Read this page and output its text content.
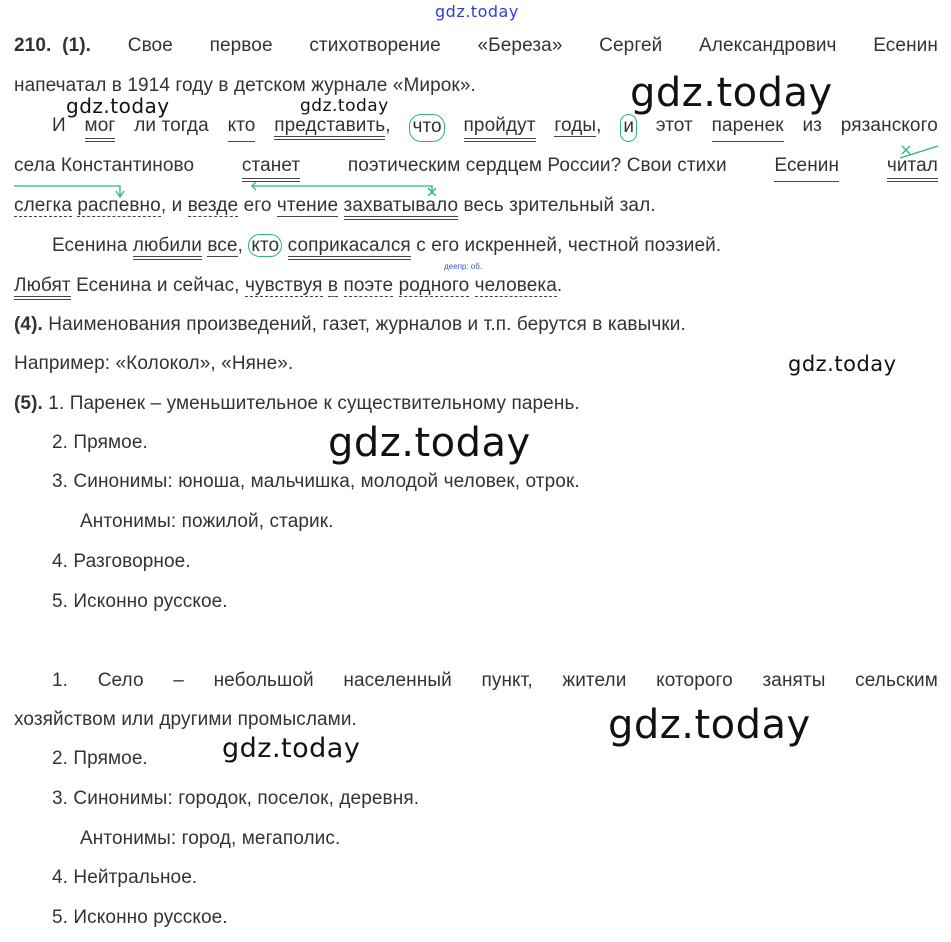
gdz.today
210. (1). Свое первое стихотворение «Береза» Сергей Александрович Есенин
напечатал в 1914 году в детском журнале «Мирок».
И мог ли тогда кто представить, что пройдут годы, и этот паренек из рязанского
села Константиново	станет	поэтическим сердцем России? Свои стихи	Есенин	читал
слегка распевно, и везде его чтение захватывало весь зрительный зал.
Есенина любили все, кто соприкасался с его искренней, честной поэзией.
деепр: об.
Любят Есенина и сейчас, чувствуя в поэте родного человека.
(4). Наименования произведений, газет, журналов и т.п. берутся в кавычки.
Например: «Колокол», «Няне».
(5). 1. Паренек – уменьшительное к существительному парень.
2. Прямое.
3. Синонимы: юноша, мальчишка, молодой человек, отрок.
Антонимы: пожилой, старик.
4. Разговорное.
5. Исконно русское.
1. Село – небольшой населенный пункт, жители которого заняты сельским
хозяйством или другими промыслами.
2. Прямое.
3. Синонимы: городок, поселок, деревня.
Антонимы: город, мегаполис.
4. Нейтральное.
5. Исконно русское.
gdz.today	gdz.today	gdz.today
gdz.today
gdz.today
gdz.today
gdz.today
